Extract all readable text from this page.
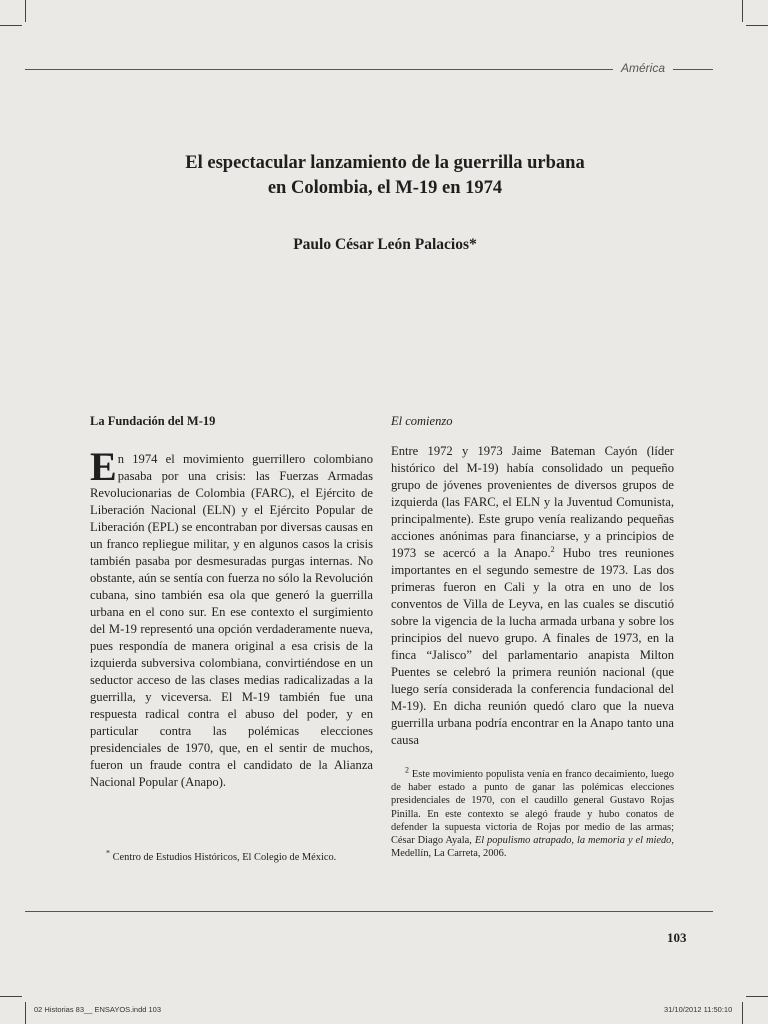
América
El espectacular lanzamiento de la guerrilla urbana
en Colombia, el M-19 en 1974
Paulo César León Palacios*
La Fundación del M-19
En 1974 el movimiento guerrillero colombiano pasaba por una crisis: las Fuerzas Armadas Revolucionarias de Colombia (FARC), el Ejército de Liberación Nacional (ELN) y el Ejército Popular de Liberación (EPL) se encontraban por diversas causas en un franco repliegue militar, y en algunos casos la crisis también pasaba por desmesuradas purgas internas. No obstante, aún se sentía con fuerza no sólo la Revolución cubana, sino también esa ola que generó la guerrilla urbana en el cono sur. En ese contexto el surgimiento del M-19 representó una opción verdaderamente nueva, pues respondía de manera original a esa crisis de la izquierda subversiva colombiana, convirtiéndose en un seductor acceso de las clases medias radicalizadas a la guerrilla, y viceversa. El M-19 también fue una respuesta radical contra el abuso del poder, y en particular contra las polémicas elecciones presidenciales de 1970, que, en el sentir de muchos, fueron un fraude contra el candidato de la Alianza Nacional Popular (Anapo).
* Centro de Estudios Históricos, El Colegio de México.
El comienzo
Entre 1972 y 1973 Jaime Bateman Cayón (líder histórico del M-19) había consolidado un pequeño grupo de jóvenes provenientes de diversos grupos de izquierda (las FARC, el ELN y la Juventud Comunista, principalmente). Este grupo venía realizando pequeñas acciones anónimas para financiarse, y a principios de 1973 se acercó a la Anapo.$^2$ Hubo tres reuniones importantes en el segundo semestre de 1973. Las dos primeras fueron en Cali y la otra en uno de los conventos de Villa de Leyva, en las cuales se discutió sobre la vigencia de la lucha armada urbana y sobre los principios del nuevo grupo. A finales de 1973, en la finca “Jalisco” del parlamentario anapista Milton Puentes se celebró la primera reunión nacional (que luego sería considerada la conferencia fundacional del M-19). En dicha reunión quedó claro que la nueva guerrilla urbana podría encontrar en la Anapo tanto una causa
$^2$ Este movimiento populista venía en franco decaimiento, luego de haber estado a punto de ganar las polémicas elecciones presidenciales de 1970, con el caudillo general Gustavo Rojas Pinilla. En este contexto se alegó fraude y hubo conatos de defender la supuesta victoria de Rojas por medio de las armas; César Diago Ayala, El populismo atrapado, la memoria y el miedo, Medellín, La Carreta, 2006.
103
02 Historias 83__ ENSAYOS.indd 103	31/10/2012 11:50:10
